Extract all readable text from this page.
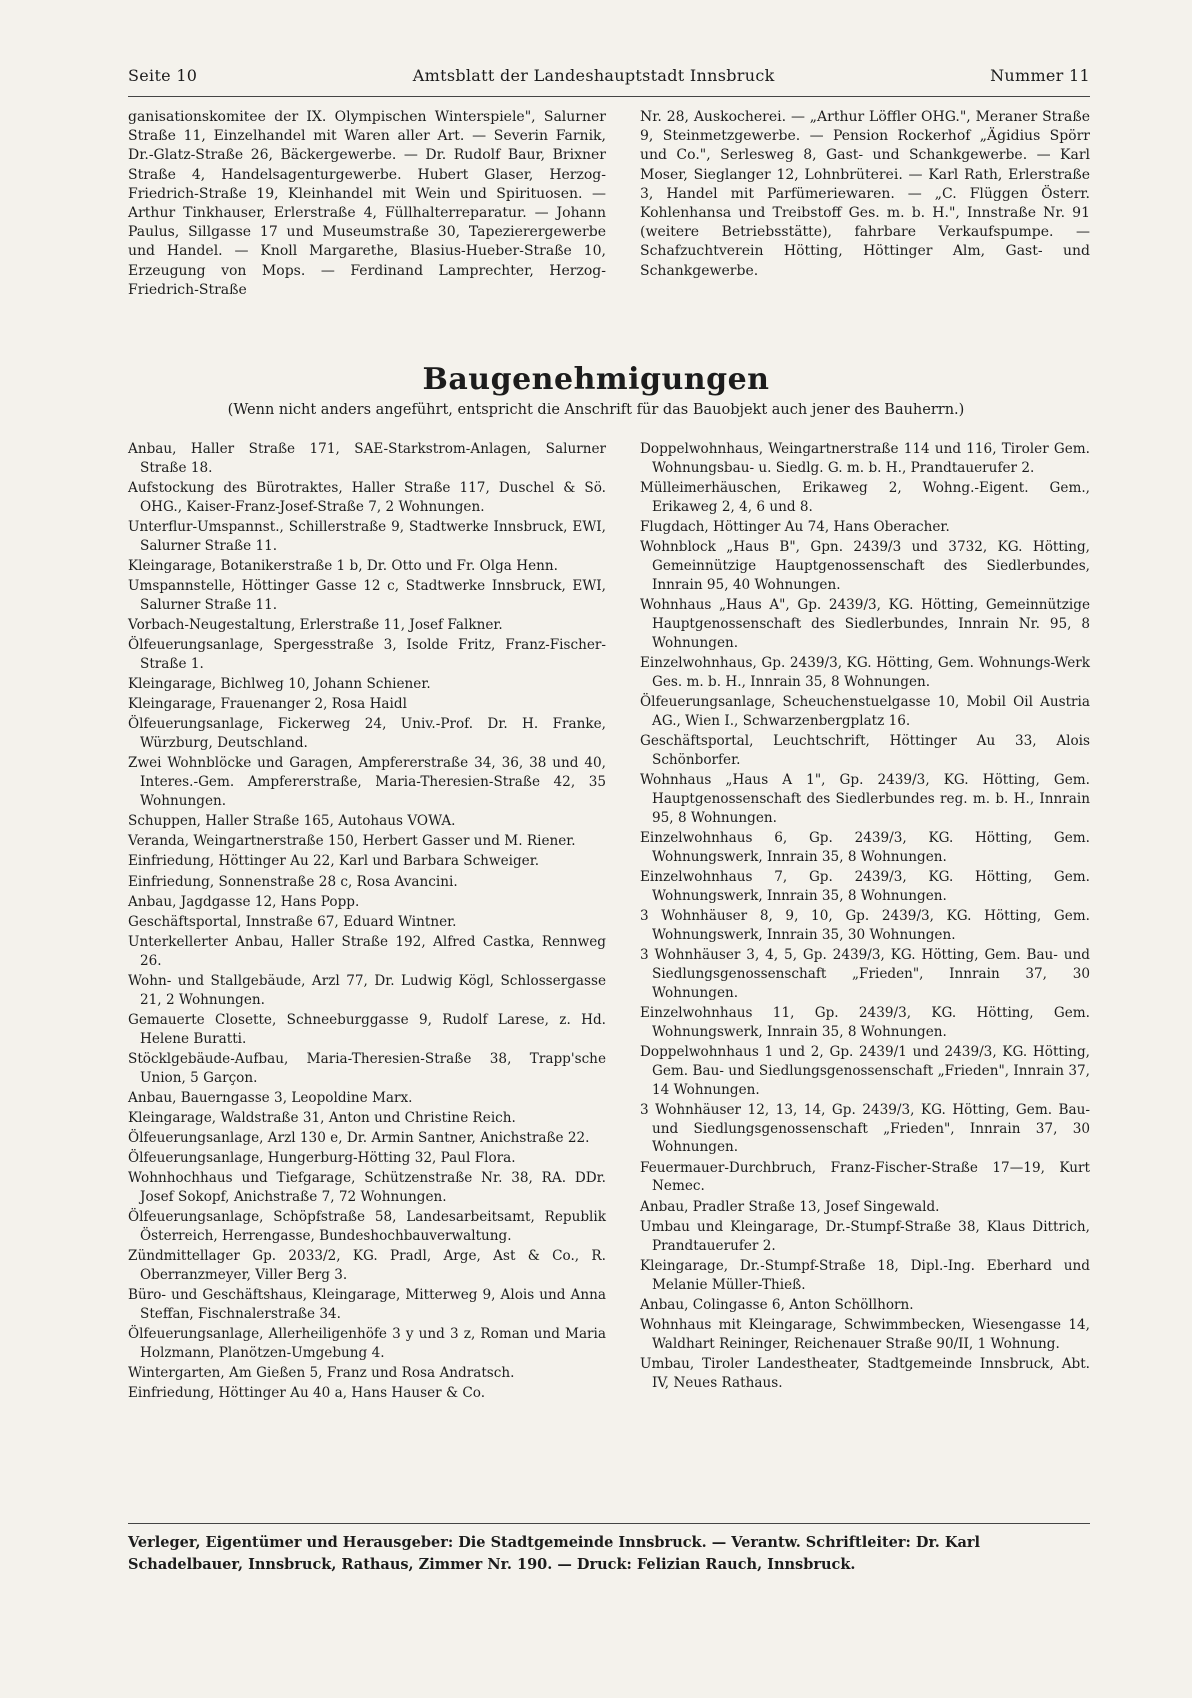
Seite 10	Amtsblatt der Landeshauptstadt Innsbruck	Nummer 11

ganisationskomitee der IX. Olympischen Winterspiele", Salurner Straße 11, Einzelhandel mit Waren aller Art. — Severin Farnik, Dr.-Glatz-Straße 26, Bäckergewerbe. — Dr. Rudolf Baur, Brixner Straße 4, Handelsagenturgewerbe. Hubert Glaser, Herzog-Friedrich-Straße 19, Kleinhandel mit Wein und Spirituosen. — Arthur Tinkhauser, Erlerstraße 4, Füllhalterreparatur. — Johann Paulus, Sillgasse 17 und Museumstraße 30, Tapezierergewerbe und Handel. — Knoll Margarethe, Blasius-Hueber-Straße 10, Erzeugung von Mops. — Ferdinand Lamprechter, Herzog-Friedrich-Straße

Nr. 28, Auskocherei. — „Arthur Löffler OHG.", Meraner Straße 9, Steinmetzgewerbe. — Pension Rockerhof „Ägidius Spörr und Co.", Serlesweg 8, Gast- und Schankgewerbe. — Karl Moser, Sieglanger 12, Lohnbrüterei. — Karl Rath, Erlerstraße 3, Handel mit Parfümeriewaren. — „C. Flüggen Österr. Kohlenhansa und Treibstoff Ges. m. b. H.", Innstraße Nr. 91 (weitere Betriebsstätte), fahrbare Verkaufspumpe. — Schafzuchtverein Hötting, Höttinger Alm, Gast- und Schankgewerbe.

Baugenehmigungen
(Wenn nicht anders angeführt, entspricht die Anschrift für das Bauobjekt auch jener des Bauherrn.)

Anbau, Haller Straße 171, SAE-Starkstrom-Anlagen, Salurner Straße 18.

Aufstockung des Bürotraktes, Haller Straße 117, Duschel & Sö. OHG., Kaiser-Franz-Josef-Straße 7, 2 Wohnungen.

Unterflur-Umspannst., Schillerstraße 9, Stadtwerke Innsbruck, EWI, Salurner Straße 11.

Kleingarage, Botanikerstraße 1 b, Dr. Otto und Fr. Olga Henn.

Umspannstelle, Höttinger Gasse 12 c, Stadtwerke Innsbruck, EWI, Salurner Straße 11.

Vorbach-Neugestaltung, Erlerstraße 11, Josef Falkner.

Ölfeuerungsanlage, Spergesstraße 3, Isolde Fritz, Franz-Fischer-Straße 1.

Kleingarage, Bichlweg 10, Johann Schiener.

Kleingarage, Frauenanger 2, Rosa Haidl

Ölfeuerungsanlage, Fickerweg 24, Univ.-Prof. Dr. H. Franke, Würzburg, Deutschland.

Zwei Wohnblöcke und Garagen, Ampfererstraße 34, 36, 38 und 40, Interes.-Gem. Ampfererstraße, Maria-Theresien-Straße 42, 35 Wohnungen.

Schuppen, Haller Straße 165, Autohaus VOWA.

Veranda, Weingartnerstraße 150, Herbert Gasser und M. Riener.

Einfriedung, Höttinger Au 22, Karl und Barbara Schweiger.

Einfriedung, Sonnenstraße 28 c, Rosa Avancini.

Anbau, Jagdgasse 12, Hans Popp.

Geschäftsportal, Innstraße 67, Eduard Wintner.

Unterkellerter Anbau, Haller Straße 192, Alfred Castka, Rennweg 26.

Wohn- und Stallgebäude, Arzl 77, Dr. Ludwig Kögl, Schlossergasse 21, 2 Wohnungen.

Gemauerte Closette, Schneeburggasse 9, Rudolf Larese, z. Hd. Helene Buratti.

Stöcklgebäude-Aufbau, Maria-Theresien-Straße 38, Trapp'sche Union, 5 Garçon.

Anbau, Bauerngasse 3, Leopoldine Marx.

Kleingarage, Waldstraße 31, Anton und Christine Reich.

Ölfeuerungsanlage, Arzl 130 e, Dr. Armin Santner, Anichstraße 22.

Ölfeuerungsanlage, Hungerburg-Hötting 32, Paul Flora.

Wohnhochhaus und Tiefgarage, Schützenstraße Nr. 38, RA. DDr. Josef Sokopf, Anichstraße 7, 72 Wohnungen.

Ölfeuerungsanlage, Schöpfstraße 58, Landesarbeitsamt, Republik Österreich, Herrengasse, Bundeshochbauverwaltung.

Zündmittellager Gp. 2033/2, KG. Pradl, Arge, Ast & Co., R. Oberranzmeyer, Viller Berg 3.

Büro- und Geschäftshaus, Kleingarage, Mitterweg 9, Alois und Anna Steffan, Fischnalerstraße 34.

Ölfeuerungsanlage, Allerheiligenhöfe 3 y und 3 z, Roman und Maria Holzmann, Planötzen-Umgebung 4.

Wintergarten, Am Gießen 5, Franz und Rosa Andratsch.

Einfriedung, Höttinger Au 40 a, Hans Hauser & Co.

Doppelwohnhaus, Weingartnerstraße 114 und 116, Tiroler Gem. Wohnungsbau- u. Siedlg. G. m. b. H., Prandtauerufer 2.

Mülleimerhäuschen, Erikaweg 2, Wohng.-Eigent. Gem., Erikaweg 2, 4, 6 und 8.

Flugdach, Höttinger Au 74, Hans Oberacher.

Wohnblock „Haus B", Gpn. 2439/3 und 3732, KG. Hötting, Gemeinnützige Hauptgenossenschaft des Siedlerbundes, Innrain 95, 40 Wohnungen.

Wohnhaus „Haus A", Gp. 2439/3, KG. Hötting, Gemeinnützige Hauptgenossenschaft des Siedlerbundes, Innrain Nr. 95, 8 Wohnungen.

Einzelwohnhaus, Gp. 2439/3, KG. Hötting, Gem. Wohnungs-Werk Ges. m. b. H., Innrain 35, 8 Wohnungen.

Ölfeuerungsanlage, Scheuchenstuelgasse 10, Mobil Oil Austria AG., Wien I., Schwarzenbergplatz 16.

Geschäftsportal, Leuchtschrift, Höttinger Au 33, Alois Schönborfer.

Wohnhaus „Haus A 1", Gp. 2439/3, KG. Hötting, Gem. Hauptgenossenschaft des Siedlerbundes reg. m. b. H., Innrain 95, 8 Wohnungen.

Einzelwohnhaus 6, Gp. 2439/3, KG. Hötting, Gem. Wohnungswerk, Innrain 35, 8 Wohnungen.

Einzelwohnhaus 7, Gp. 2439/3, KG. Hötting, Gem. Wohnungswerk, Innrain 35, 8 Wohnungen.

3 Wohnhäuser 8, 9, 10, Gp. 2439/3, KG. Hötting, Gem. Wohnungswerk, Innrain 35, 30 Wohnungen.

3 Wohnhäuser 3, 4, 5, Gp. 2439/3, KG. Hötting, Gem. Bau- und Siedlungsgenossenschaft „Frieden", Innrain 37, 30 Wohnungen.

Einzelwohnhaus 11, Gp. 2439/3, KG. Hötting, Gem. Wohnungswerk, Innrain 35, 8 Wohnungen.

Doppelwohnhaus 1 und 2, Gp. 2439/1 und 2439/3, KG. Hötting, Gem. Bau- und Siedlungsgenossenschaft „Frieden", Innrain 37, 14 Wohnungen.

3 Wohnhäuser 12, 13, 14, Gp. 2439/3, KG. Hötting, Gem. Bau- und Siedlungsgenossenschaft „Frieden", Innrain 37, 30 Wohnungen.

Feuermauer-Durchbruch, Franz-Fischer-Straße 17—19, Kurt Nemec.

Anbau, Pradler Straße 13, Josef Singewald.

Umbau und Kleingarage, Dr.-Stumpf-Straße 38, Klaus Dittrich, Prandtauerufer 2.

Kleingarage, Dr.-Stumpf-Straße 18, Dipl.-Ing. Eberhard und Melanie Müller-Thieß.

Anbau, Colingasse 6, Anton Schöllhorn.

Wohnhaus mit Kleingarage, Schwimmbecken, Wiesengasse 14, Waldhart Reininger, Reichenauer Straße 90/II, 1 Wohnung.

Umbau, Tiroler Landestheater, Stadtgemeinde Innsbruck, Abt. IV, Neues Rathaus.

Verleger, Eigentümer und Herausgeber: Die Stadtgemeinde Innsbruck. — Verantw. Schriftleiter: Dr. Karl Schadelbauer, Innsbruck, Rathaus, Zimmer Nr. 190. — Druck: Felizian Rauch, Innsbruck.
